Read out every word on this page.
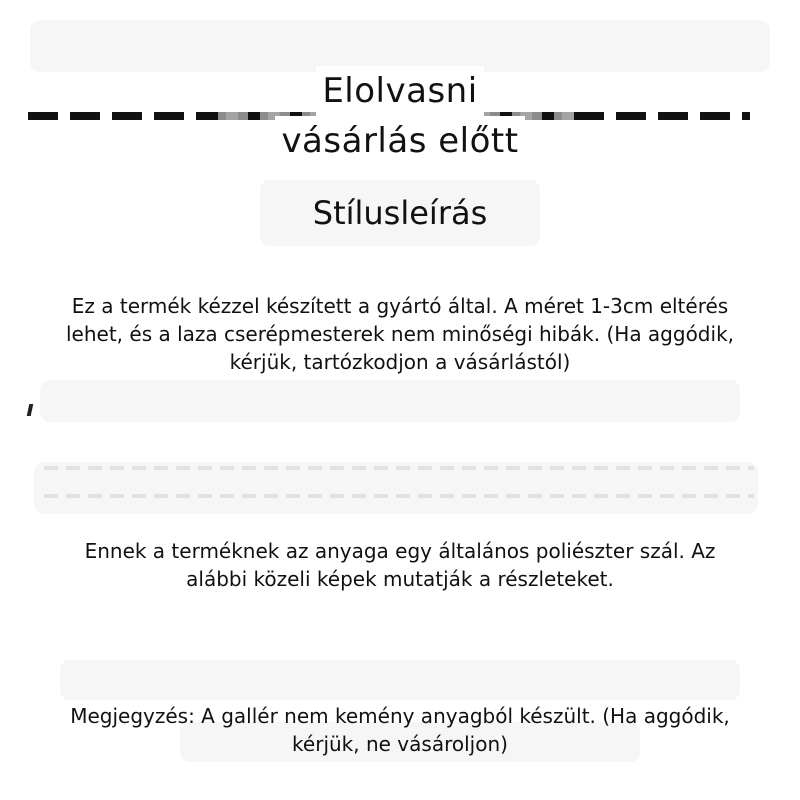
Elolvasni
vásárlás előtt
Stílusleírás
Ez a termék kézzel készített a gyártó által. A méret 1-3cm eltérés
lehet, és a laza cserépmesterek nem minőségi hibák. (Ha aggódik,
kérjük, tartózkodjon a vásárlástól)
Ennek a terméknek az anyaga egy általános poliészter szál. Az
alábbi közeli képek mutatják a részleteket.
Megjegyzés: A gallér nem kemény anyagból készült. (Ha aggódik,
kérjük, ne vásároljon)
